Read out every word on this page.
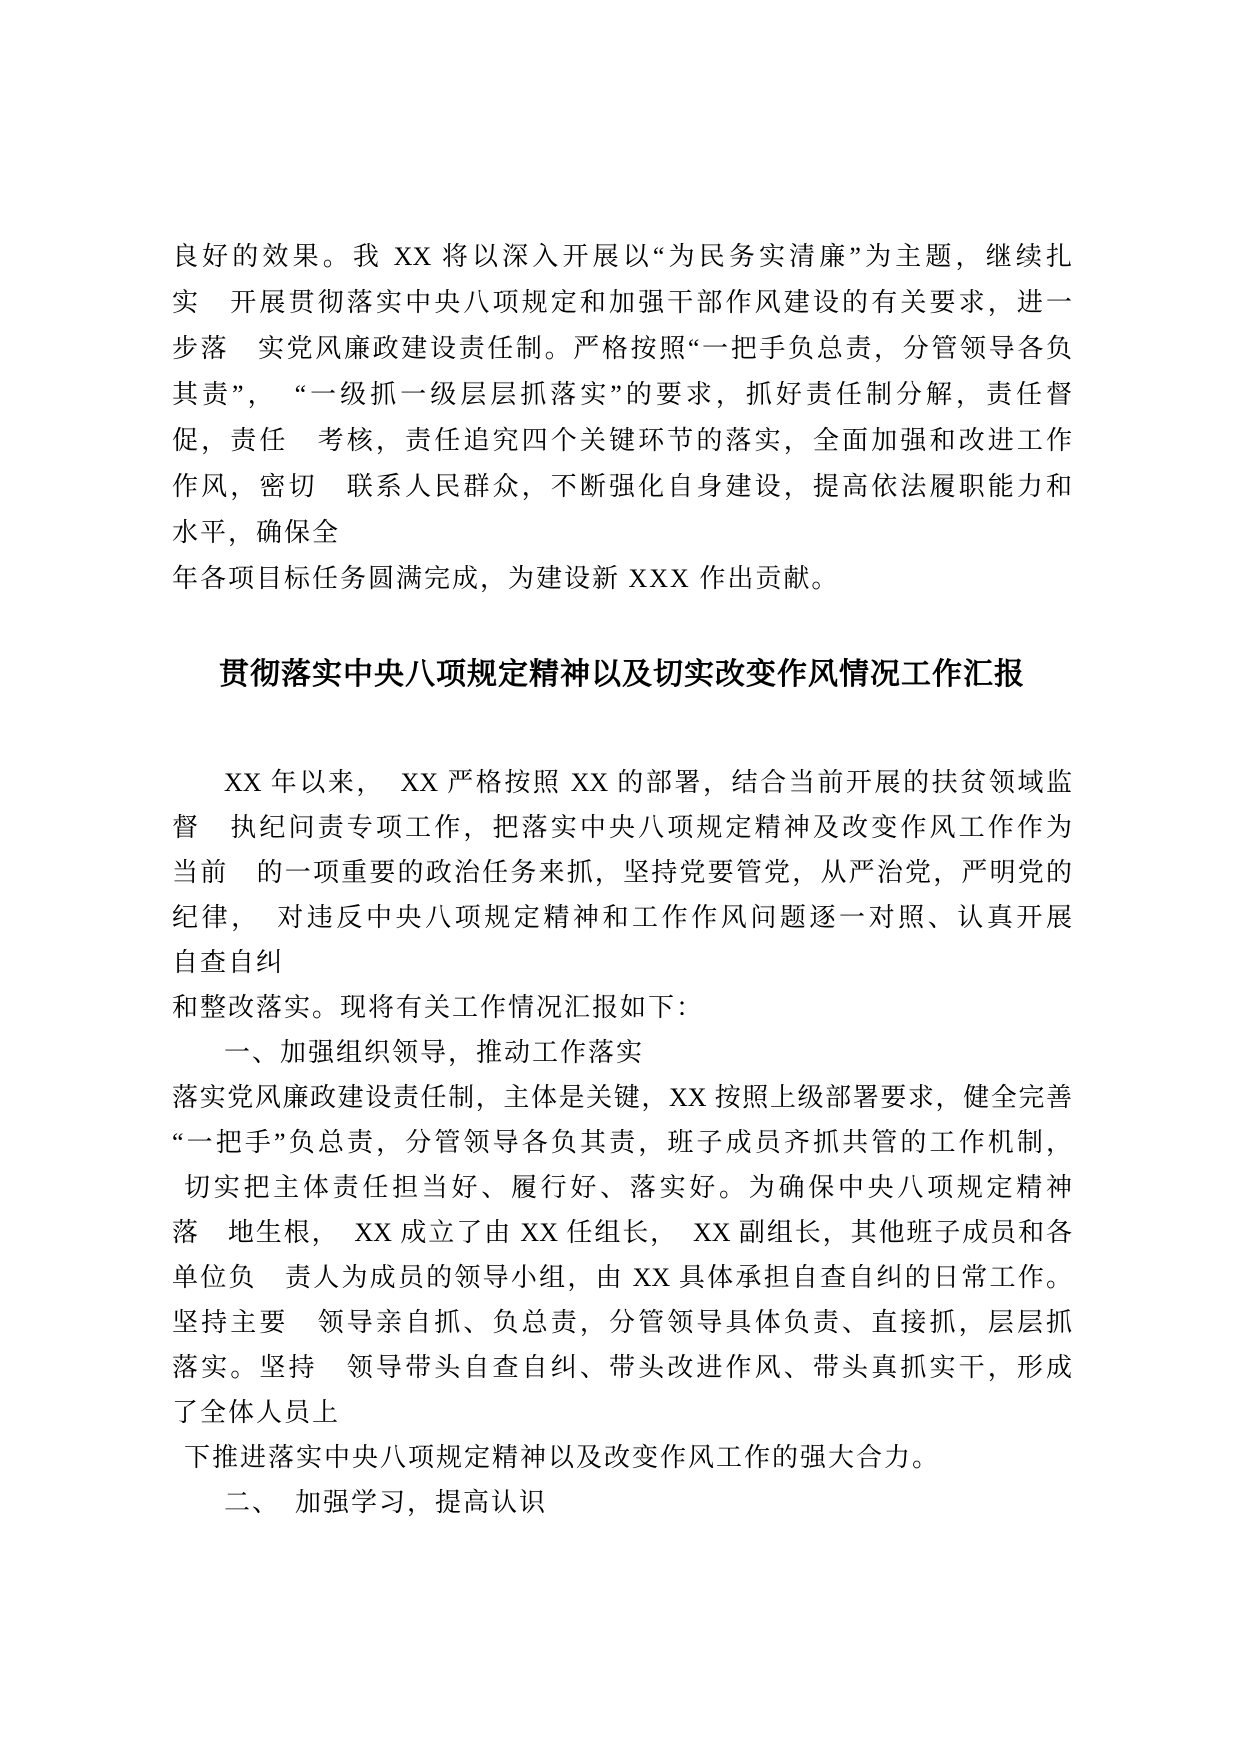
良好的效果。我 XX 将以深入开展以“为民务实清廉”为主题，继续扎
实　开展贯彻落实中央八项规定和加强干部作风建设的有关要求，进一
步落　实党风廉政建设责任制。严格按照“一把手负总责，分管领导各负
其责”，　“一级抓一级层层抓落实”的要求，抓好责任制分解，责任督
促，责任　考核，责任追究四个关键环节的落实，全面加强和改进工作
作风，密切　联系人民群众，不断强化自身建设，提高依法履职能力和
水平，确保全
年各项目标任务圆满完成，为建设新 XXX 作出贡献。
贯彻落实中央八项规定精神以及切实改变作风情况工作汇报
XX 年以来，　XX 严格按照 XX 的部署，结合当前开展的扶贫领域监
督　执纪问责专项工作，把落实中央八项规定精神及改变作风工作作为
当前　的一项重要的政治任务来抓，坚持党要管党，从严治党，严明党的
纪律，　对违反中央八项规定精神和工作作风问题逐一对照、认真开展
自查自纠
和整改落实。现将有关工作情况汇报如下：
一、加强组织领导，推动工作落实
落实党风廉政建设责任制，主体是关键，XX 按照上级部署要求，健全完善
“一把手”负总责，分管领导各负其责，班子成员齐抓共管的工作机制，
切实把主体责任担当好、履行好、落实好。为确保中央八项规定精神
落　地生根，　XX 成立了由 XX 任组长，　XX 副组长，其他班子成员和各
单位负　责人为成员的领导小组，由 XX 具体承担自查自纠的日常工作。
坚持主要　领导亲自抓、负总责，分管领导具体负责、直接抓，层层抓
落实。坚持　领导带头自查自纠、带头改进作风、带头真抓实干，形成
了全体人员上
下推进落实中央八项规定精神以及改变作风工作的强大合力。
二、　加强学习，提高认识
